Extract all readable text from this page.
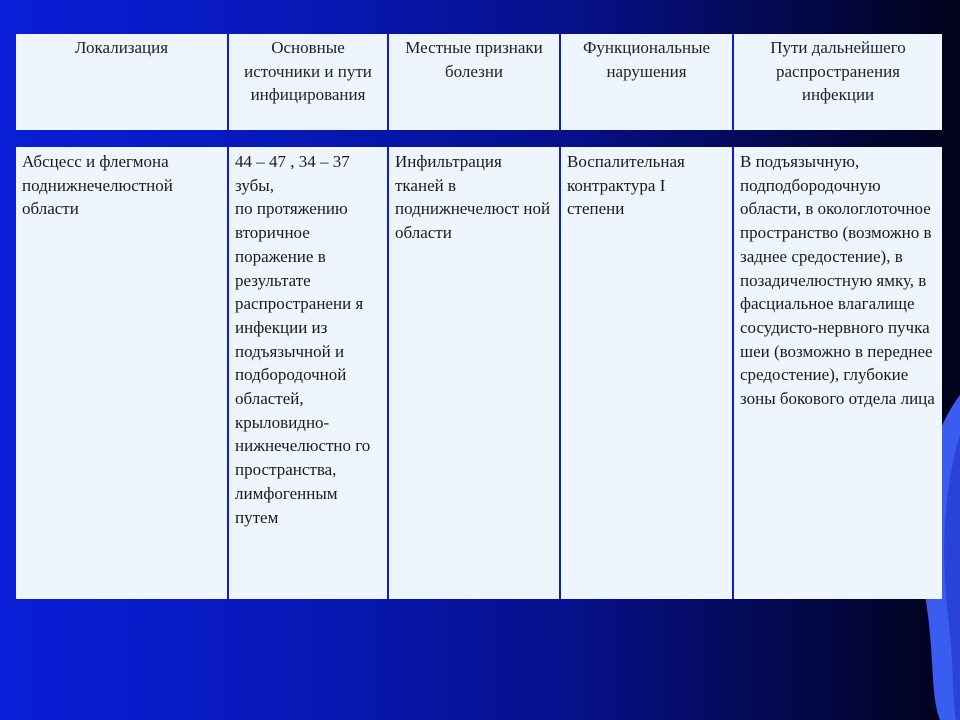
Локализация	Основные источники и пути инфицирования
Местные признаки болезни
Функциональные нарушения
Пути дальнейшего распространения инфекции
Абсцесс и флегмона поднижнечелюстной области
44 – 47 , 34 – 37 зубы,
по протяжению вторичное поражение в результате распространени я инфекции из подъязычной и подбородочной областей, крыловидно-нижнечелюстно го пространства, лимфогенным путем
Инфильтрация тканей в поднижнечелюст ной области
Воспалительная контрактура I степени
В подъязычную, подподбородочную области, в окологлоточное пространство (возможно в заднее средостение), в позадичелюстную ямку, в фасциальное влагалище сосудисто-нервного пучка шеи (возможно в переднее средостение), глубокие зоны бокового отдела лица
